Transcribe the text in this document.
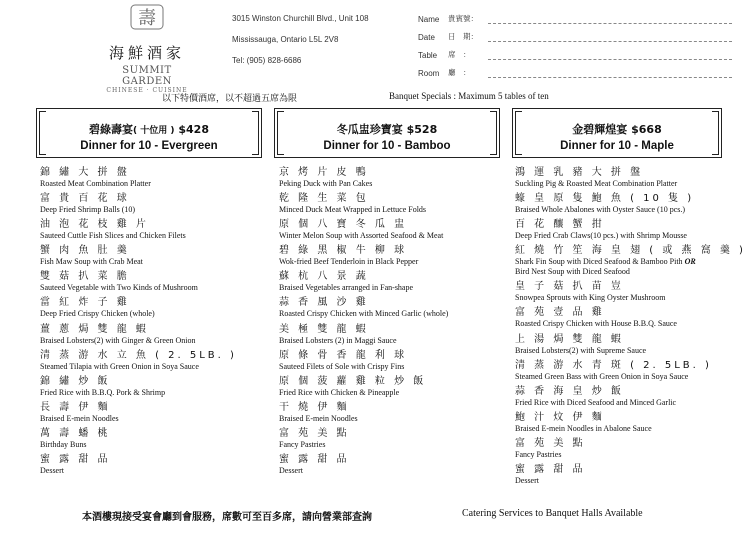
壽
海鮮酒家
SUMMIT GARDEN
CHINESE · CUISINE
3015 Winston Churchill Blvd., Unit 108
Mississauga, Ontario L5L 2V8
Tel: (905) 828-6686
Name	貴賓號：
Date	日　期：
Table	席　：
Room	廳　：
以下特價酒席，以不超過五席為限	Banquet Specials : Maximum 5 tables of ten
碧綠壽宴( 十位用 ) $428
Dinner for 10 - Evergreen
錦 繡 大 拼 盤
Roasted Meat Combination Platter
富 貴 百 花 球
Deep Fried Shrimp Balls (10)
油 泡 花 枝 雞 片
Sauteed Cuttle Fish Slices and Chicken Filets
蟹 肉 魚 肚 羹
Fish Maw Soup with Crab Meat
雙 菇 扒 菜 膽
Sauteed Vegetable with Two Kinds of Mushroom
當 紅 炸 子 雞
Deep Fried Crispy Chicken (whole)
薑 蔥 焗 雙 龍 蝦
Braised Lobsters(2) with Ginger & Green Onion
清 蒸 游 水 立 魚 ( 2. 5LB. )
Steamed Tilapia with Green Onion in Soya Sauce
錦 繡 炒 飯
Fried Rice with B.B.Q. Pork & Shrimp
長 壽 伊 麵
Braised E-mein Noodles
萬 壽 蟠 桃
Birthday Buns
蜜 露 甜 品
Dessert
冬瓜盅珍寶宴 $528
Dinner for 10 - Bamboo
京 烤 片 皮 鴨
Peking Duck with Pan Cakes
乾 隆 生 菜 包
Minced Duck Meat Wrapped in Lettuce Folds
原 個 八 寶 冬 瓜 盅
Winter Melon Soup with Assorted Seafood & Meat
碧 綠 黑 椒 牛 柳 球
Wok-fried Beef Tenderloin in Black Pepper
蘇 杭 八 景 蔬
Braised Vegetables arranged in Fan-shape
蒜 香 風 沙 雞
Roasted Crispy Chicken with Minced Garlic (whole)
美 極 雙 龍 蝦
Braised Lobsters (2) in Maggi Sauce
原 條 骨 香 龍 利 球
Sauteed Filets of Sole with Crispy Fins
原 個 菠 蘿 雞 粒 炒 飯
Fried Rice with Chicken & Pineapple
干 燒 伊 麵
Braised E-mein Noodles
富 苑 美 點
Fancy Pastries
蜜 露 甜 品
Dessert
金碧輝煌宴 $668
Dinner for 10 - Maple
鴻 運 乳 豬 大 拼 盤
Suckling Pig & Roasted Meat Combination Platter
蠔 皇 原 隻 鮑 魚 ( 10 隻 )
Braised Whole Abalones with Oyster Sauce (10 pcs.)
百 花 釀 蟹 拑
Deep Fried Crab Claws(10 pcs.) with Shrimp Mousse
紅 燒 竹 笙 海 皇 翅 ( 或 燕 窩 羹 )
Shark Fin Soup with Diced Seafood & Bamboo Pith OR
Bird Nest Soup with Diced Seafood
皇 子 菇 扒 苗 豈
Snowpea Sprouts with King Oyster Mushroom
富 苑 壹 品 雞
Roasted Crispy Chicken with House B.B.Q. Sauce
上 湯 焗 雙 龍 蝦
Braised Lobsters(2) with Supreme Sauce
清 蒸 游 水 青 斑 ( 2. 5LB. )
Steamed Green Bass with Green Onion in Soya Sauce
蒜 香 海 皇 炒 飯
Fried Rice with Diced Seafood and Minced Garlic
鮑 汁 炆 伊 麵
Braised E-mein Noodles in Abalone Sauce
富 苑 美 點
Fancy Pastries
蜜 露 甜 品
Dessert
本酒樓現接受宴會廳到會服務，席數可至百多席，請向營業部查詢	Catering Services to Banquet Halls Available
